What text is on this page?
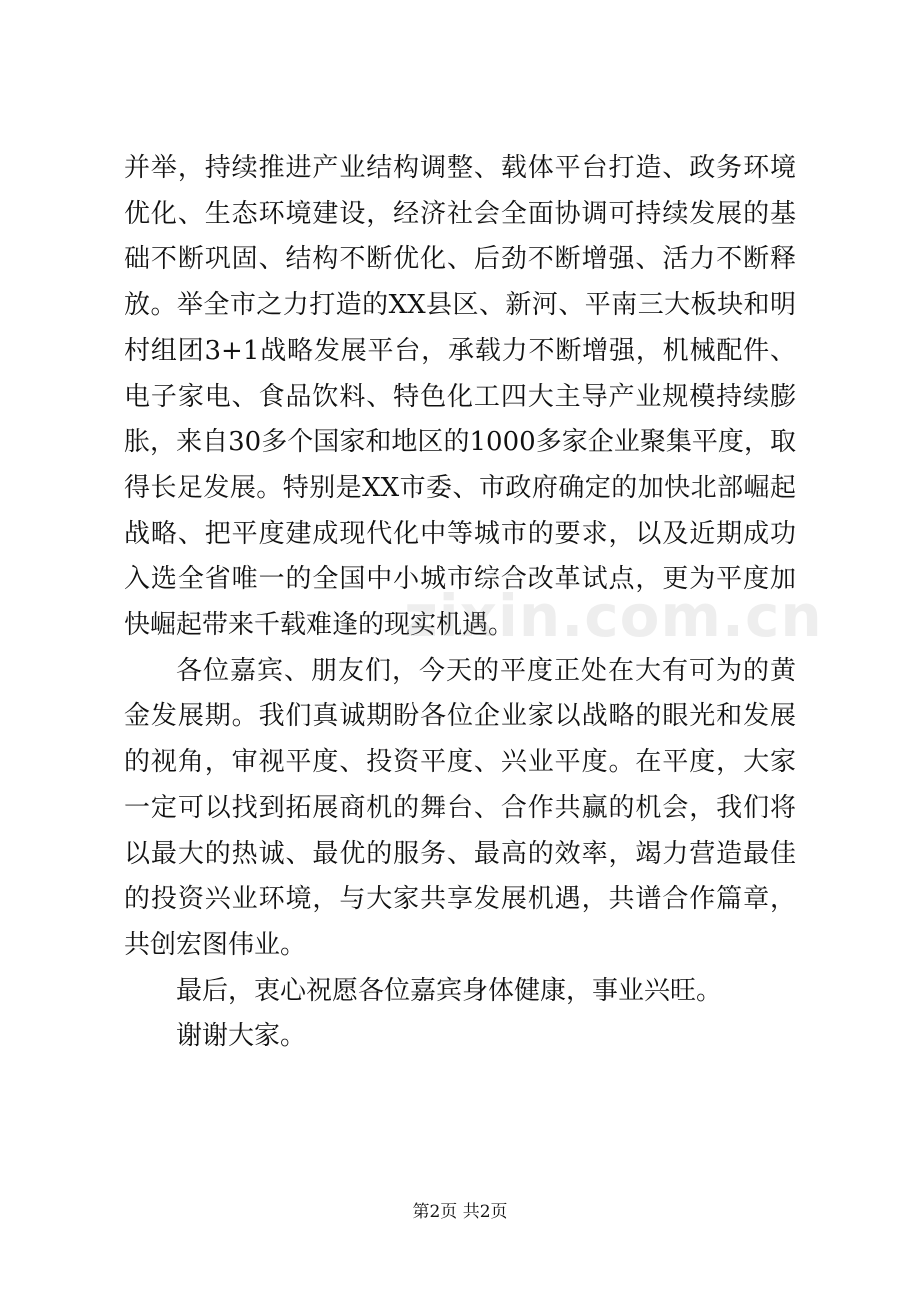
并举，持续推进产业结构调整、载体平台打造、政务环境优化、生态环境建设，经济社会全面协调可持续发展的基础不断巩固、结构不断优化、后劲不断增强、活力不断释放。举全市之力打造的XX县区、新河、平南三大板块和明村组团3+1战略发展平台，承载力不断增强，机械配件、电子家电、食品饮料、特色化工四大主导产业规模持续膨胀，来自30多个国家和地区的1000多家企业聚集平度，取得长足发展。特别是XX市委、市政府确定的加快北部崛起战略、把平度建成现代化中等城市的要求，以及近期成功入选全省唯一的全国中小城市综合改革试点，更为平度加快崛起带来千载难逢的现实机遇。

各位嘉宾、朋友们，今天的平度正处在大有可为的黄金发展期。我们真诚期盼各位企业家以战略的眼光和发展的视角，审视平度、投资平度、兴业平度。在平度，大家一定可以找到拓展商机的舞台、合作共赢的机会，我们将以最大的热诚、最优的服务、最高的效率，竭力营造最佳的投资兴业环境，与大家共享发展机遇，共谱合作篇章，共创宏图伟业。

最后，衷心祝愿各位嘉宾身体健康，事业兴旺。

谢谢大家。

zixin.com.cn
第2页 共2页
